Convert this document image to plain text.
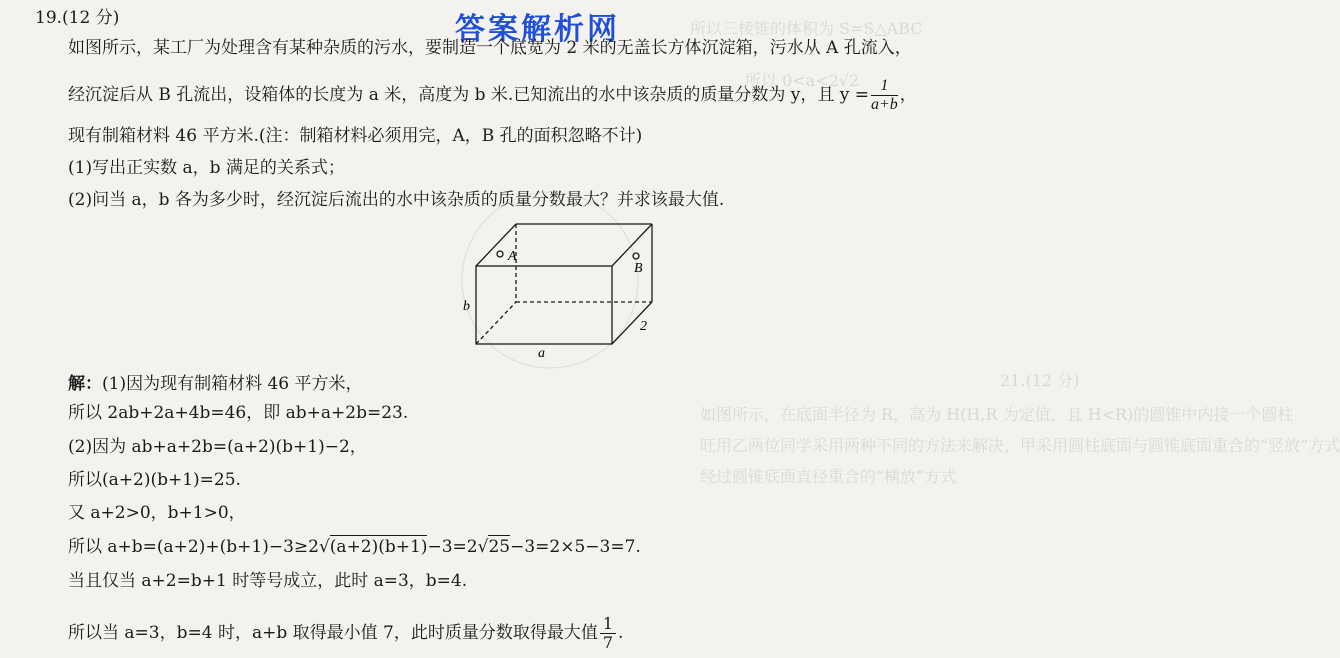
答案解析网	所以三棱锥的体积为 S=S△ABC
所以 0<a<2√2
21.(12 分)
如图所示，在底面半径为 R，高为 H(H,R 为定值，且 H<R)的圆锥中内接一个圆柱
旺用乙两位同学采用两种不同的方法来解决，甲采用圆柱底面与圆锥底面重合的“竖放”方式
经过圆锥底面直径重合的“横放”方式
19.(12 分)
如图所示，某工厂为处理含有某种杂质的污水，要制造一个底宽为 2 米的无盖长方体沉淀箱，污水从 A 孔流入，
经沉淀后从 B 孔流出，设箱体的长度为 a 米，高度为 b 米.已知流出的水中该杂质的质量分数为 y，且 $y = \frac{1}{a+b}$ ，
现有制箱材料 46 平方米.(注：制箱材料必须用完，A，B 孔的面积忽略不计)
(1)写出正实数 a，b 满足的关系式；
(2)问当 a，b 各为多少时，经沉淀后流出的水中该杂质的质量分数最大？并求该最大值.
A
B
b
a
2
解：(1)因为现有制箱材料 46 平方米，
所以 2ab+2a+4b=46，即 ab+a+2b=23.
(2)因为 ab+a+2b=(a+2)(b+1)−2，
所以(a+2)(b+1)=25.
又 a+2>0，b+1>0，
所以 a+b=(a+2)+(b+1)−3≥2√(a+2)(b+1)−3=2√25−3=2×5−3=7.
当且仅当 a+2=b+1 时等号成立，此时 a=3，b=4.
所以当 a=3，b=4 时，a+b 取得最小值 7，此时质量分数取得最大值 $\frac{1}{7}$ .
